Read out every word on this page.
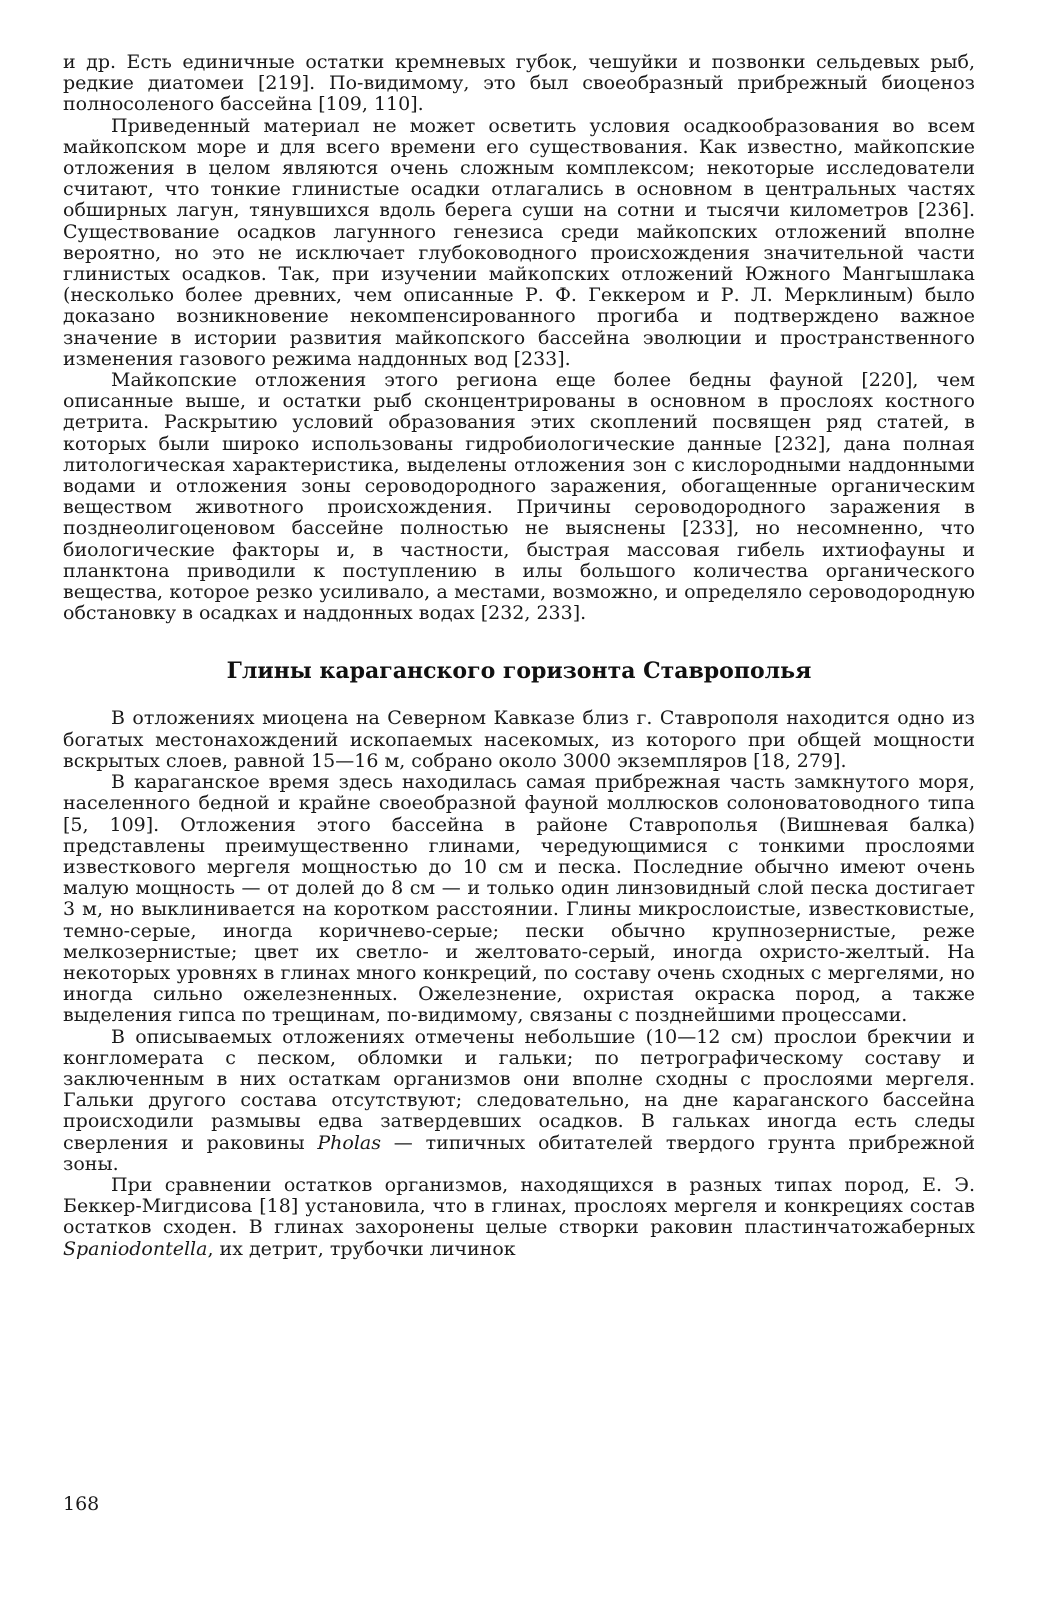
и др. Есть единичные остатки кремневых губок, чешуйки и позвонки сельдевых рыб, редкие диатомеи [219]. По-видимому, это был своеобразный прибрежный биоценоз полносоленого бассейна [109, 110].

Приведенный материал не может осветить условия осадкообразования во всем майкопском море и для всего времени его существования. Как известно, майкопские отложения в целом являются очень сложным комплексом; некоторые исследователи считают, что тонкие глинистые осадки отлагались в основном в центральных частях обширных лагун, тянувшихся вдоль берега суши на сотни и тысячи километров [236]. Существование осадков лагунного генезиса среди майкопских отложений вполне вероятно, но это не исключает глубоководного происхождения значительной части глинистых осадков. Так, при изучении майкопских отложений Южного Мангышлака (несколько более древних, чем описанные Р. Ф. Геккером и Р. Л. Мерклиным) было доказано возникновение некомпенсированного прогиба и подтверждено важное значение в истории развития майкопского бассейна эволюции и пространственного изменения газового режима наддонных вод [233].

Майкопские отложения этого региона еще более бедны фауной [220], чем описанные выше, и остатки рыб сконцентрированы в основном в прослоях костного детрита. Раскрытию условий образования этих скоплений посвящен ряд статей, в которых были широко использованы гидробиологические данные [232], дана полная литологическая характеристика, выделены отложения зон с кислородными наддонными водами и отложения зоны сероводородного заражения, обогащенные органическим веществом животного происхождения. Причины сероводородного заражения в позднеолигоценовом бассейне полностью не выяснены [233], но несомненно, что биологические факторы и, в частности, быстрая массовая гибель ихтиофауны и планктона приводили к поступлению в илы большого количества органического вещества, которое резко усиливало, а местами, возможно, и определяло сероводородную обстановку в осадках и наддонных водах [232, 233].

Глины караганского горизонта Ставрополья

В отложениях миоцена на Северном Кавказе близ г. Ставрополя находится одно из богатых местонахождений ископаемых насекомых, из которого при общей мощности вскрытых слоев, равной 15—16 м, собрано около 3000 экземпляров [18, 279].

В караганское время здесь находилась самая прибрежная часть замкнутого моря, населенного бедной и крайне своеобразной фауной моллюсков солоноватоводного типа [5, 109]. Отложения этого бассейна в районе Ставрополья (Вишневая балка) представлены преимущественно глинами, чередующимися с тонкими прослоями известкового мергеля мощностью до 10 см и песка. Последние обычно имеют очень малую мощность — от долей до 8 см — и только один линзовидный слой песка достигает 3 м, но выклинивается на коротком расстоянии. Глины микрослоистые, известковистые, темно-серые, иногда коричнево-серые; пески обычно крупнозернистые, реже мелкозернистые; цвет их светло- и желтовато-серый, иногда охристо-желтый. На некоторых уровнях в глинах много конкреций, по составу очень сходных с мергелями, но иногда сильно ожелезненных. Ожелезнение, охристая окраска пород, а также выделения гипса по трещинам, по-видимому, связаны с позднейшими процессами.

В описываемых отложениях отмечены небольшие (10—12 см) прослои брекчии и конгломерата с песком, обломки и гальки; по петрографическому составу и заключенным в них остаткам организмов они вполне сходны с прослоями мергеля. Гальки другого состава отсутствуют; следовательно, на дне караганского бассейна происходили размывы едва затвердевших осадков. В гальках иногда есть следы сверления и раковины Pholas — типичных обитателей твердого грунта прибрежной зоны.

При сравнении остатков организмов, находящихся в разных типах пород, Е. Э. Беккер-Мигдисова [18] установила, что в глинах, прослоях мергеля и конкрециях состав остатков сходен. В глинах захоронены целые створки раковин пластинчатожаберных Spaniodontella, их детрит, трубочки личинок

168
